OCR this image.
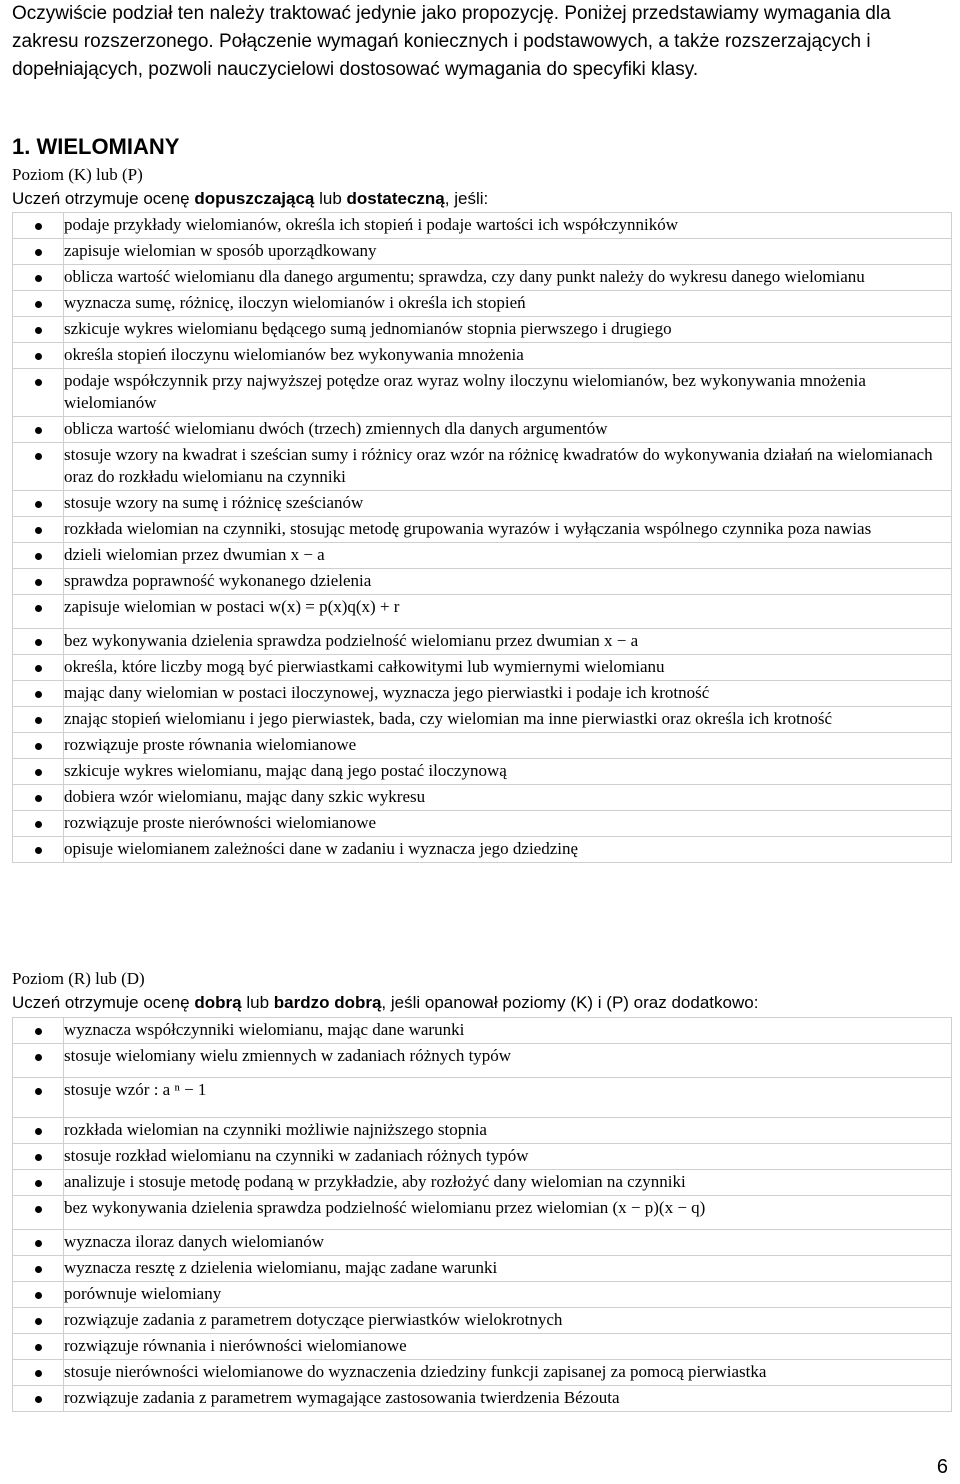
Oczywiście podział ten należy traktować jedynie jako propozycję. Poniżej przedstawiamy wymagania dla zakresu rozszerzonego. Połączenie wymagań koniecznych i podstawowych, a także rozszerzających i dopełniających, pozwoli nauczycielowi dostosować wymagania do specyfiki klasy.

1. WIELOMIANY

Poziom (K) lub (P)

Uczeń otrzymuje ocenę dopuszczającą lub dostateczną, jeśli:

	podaje przykłady wielomianów, określa ich stopień i podaje wartości ich współczynników
	zapisuje wielomian w sposób uporządkowany
	oblicza wartość wielomianu dla danego argumentu; sprawdza, czy dany punkt należy do wykresu danego wielomianu
	wyznacza sumę, różnicę, iloczyn wielomianów i określa ich stopień
	szkicuje wykres wielomianu będącego sumą jednomianów stopnia pierwszego i drugiego
	określa stopień iloczynu wielomianów bez wykonywania mnożenia
	podaje współczynnik przy najwyższej potędze oraz wyraz wolny iloczynu wielomianów, bez wykonywania mnożenia wielomianów
	oblicza wartość wielomianu dwóch (trzech) zmiennych dla danych argumentów
	stosuje wzory na kwadrat i sześcian sumy i różnicy oraz wzór na różnicę kwadratów do wykonywania działań na wielomianach oraz do rozkładu wielomianu na czynniki
	stosuje wzory na sumę i różnicę sześcianów
	rozkłada wielomian na czynniki, stosując metodę grupowania wyrazów i wyłączania wspólnego czynnika poza nawias
	dzieli wielomian przez dwumian x − a
	sprawdza poprawność wykonanego dzielenia
	zapisuje wielomian w postaci w(x) = p(x)q(x) + r
	bez wykonywania dzielenia sprawdza podzielność wielomianu przez dwumian x − a
	określa, które liczby mogą być pierwiastkami całkowitymi lub wymiernymi wielomianu
	mając dany wielomian w postaci iloczynowej, wyznacza jego pierwiastki i podaje ich krotność
	znając stopień wielomianu i jego pierwiastek, bada, czy wielomian ma inne pierwiastki oraz określa ich krotność
	rozwiązuje proste równania wielomianowe
	szkicuje wykres wielomianu, mając daną jego postać iloczynową
	dobiera wzór wielomianu, mając dany szkic wykresu
	rozwiązuje proste nierówności wielomianowe
	opisuje wielomianem zależności dane w zadaniu i wyznacza jego dziedzinę

Poziom (R) lub (D)

Uczeń otrzymuje ocenę dobrą lub bardzo dobrą, jeśli opanował poziomy (K) i (P) oraz dodatkowo:

	wyznacza współczynniki wielomianu, mając dane warunki
	stosuje wielomiany wielu zmiennych w zadaniach różnych typów
	stosuje wzór : a ⁿ − 1
	rozkłada wielomian na czynniki możliwie najniższego stopnia
	stosuje rozkład wielomianu na czynniki w zadaniach różnych typów
	analizuje i stosuje metodę podaną w przykładzie, aby rozłożyć dany wielomian na czynniki
	bez wykonywania dzielenia sprawdza podzielność wielomianu przez wielomian (x − p)(x − q)
	wyznacza iloraz danych wielomianów
	wyznacza resztę z dzielenia wielomianu, mając zadane warunki
	porównuje wielomiany
	rozwiązuje zadania z parametrem dotyczące pierwiastków wielokrotnych
	rozwiązuje równania i nierówności wielomianowe
	stosuje nierówności wielomianowe do wyznaczenia dziedziny funkcji zapisanej za pomocą pierwiastka
	rozwiązuje zadania z parametrem wymagające zastosowania twierdzenia Bézouta
6
